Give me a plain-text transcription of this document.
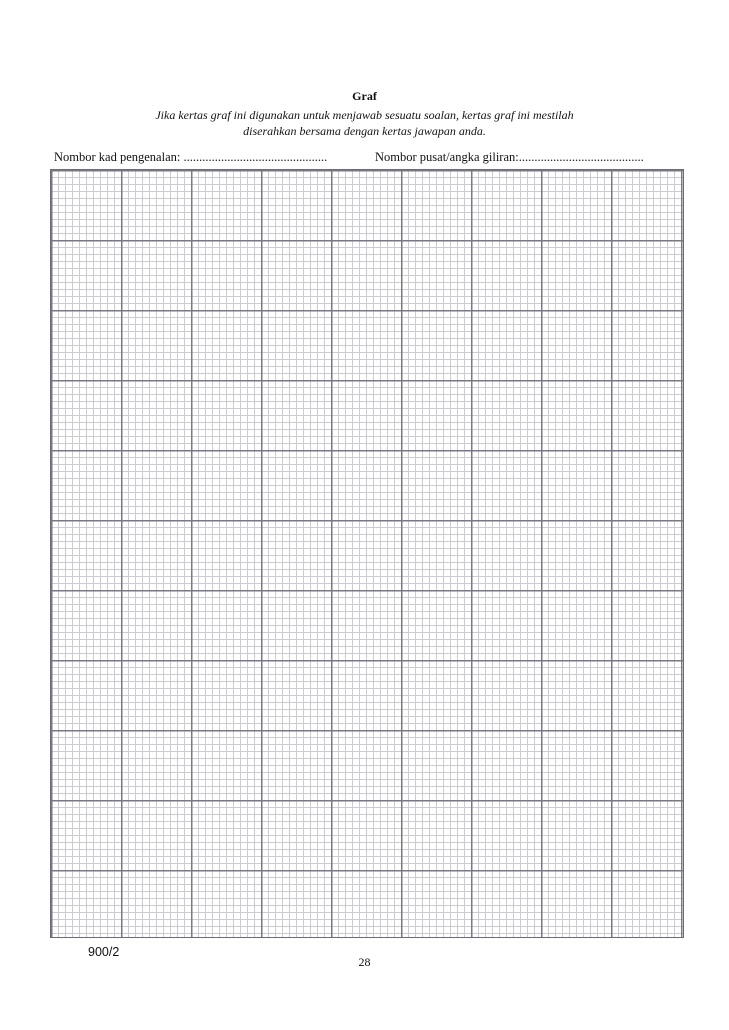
Graf
Jika kertas graf ini digunakan untuk menjawab sesuatu soalan, kertas graf ini mestilah
diserahkan bersama dengan kertas jawapan anda.
Nombor kad pengenalan: ..............................................	Nombor pusat/angka giliran:........................................
900/2
28
